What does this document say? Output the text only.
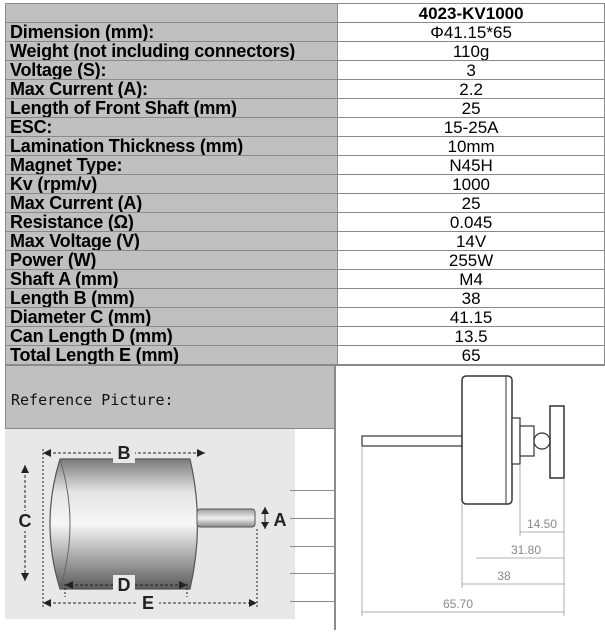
	4023-KV1000
Dimension (mm):	Φ41.15*65
Weight (not including connectors)	110g
Voltage (S):	3
Max Current (A):	2.2
Length of Front Shaft (mm)	25
ESC:	15-25A
Lamination Thickness (mm)	10mm
Magnet Type:	N45H
Kv (rpm/v)	1000
Max Current (A)	25
Resistance (Ω)	0.045
Max Voltage (V)	14V
Power (W)	255W
Shaft A (mm)	M4
Length B (mm)	38
Diameter C (mm)	41.15
Can Length D (mm)	13.5
Total Length E (mm)	65
Reference Picture:
B
C	A
D
E
14.50
31.80
38
65.70
